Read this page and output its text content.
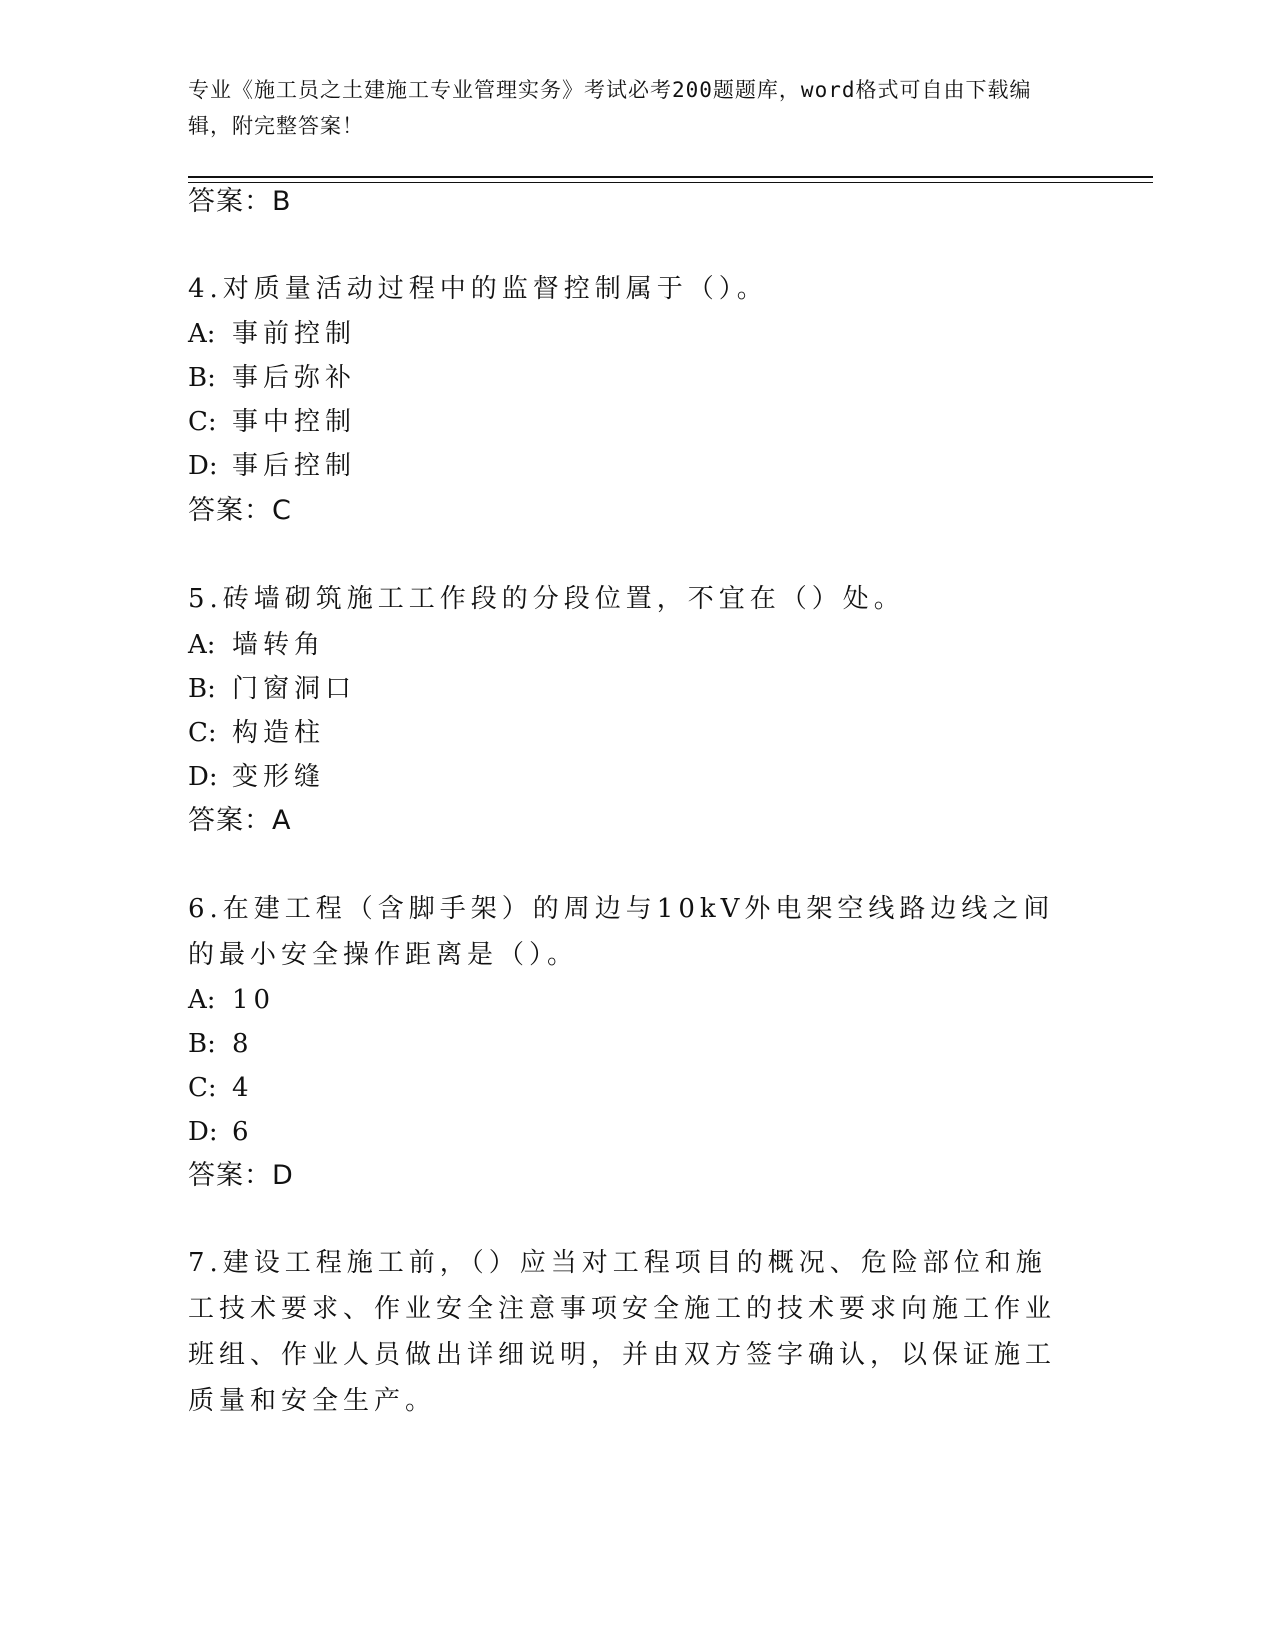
专业《施工员之土建施工专业管理实务》考试必考200题题库，word格式可自由下载编辑，附完整答案！
答案：B
4.对质量活动过程中的监督控制属于（）。
A: 事前控制
B: 事后弥补
C: 事中控制
D: 事后控制
答案：C
5.砖墙砌筑施工工作段的分段位置，不宜在（）处。
A: 墙转角
B: 门窗洞口
C: 构造柱
D: 变形缝
答案：A
6.在建工程（含脚手架）的周边与10kV外电架空线路边线之间的最小安全操作距离是（）。
A: 10
B: 8
C: 4
D: 6
答案：D
7.建设工程施工前，（）应当对工程项目的概况、危险部位和施工技术要求、作业安全注意事项安全施工的技术要求向施工作业班组、作业人员做出详细说明，并由双方签字确认，以保证施工质量和安全生产。
